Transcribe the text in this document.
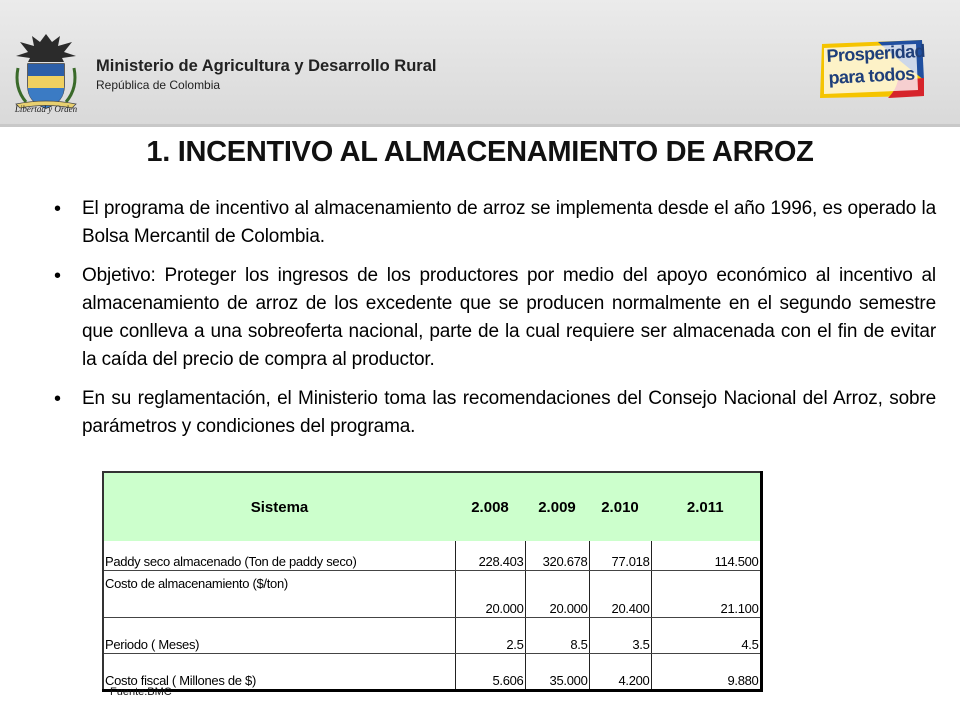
Libertad y Orden
Ministerio de Agricultura y Desarrollo Rural
República de Colombia
Prosperidad
para todos
1. INCENTIVO AL ALMACENAMIENTO DE ARROZ
• El programa de incentivo al almacenamiento de arroz se implementa desde el año 1996, es operado la Bolsa Mercantil de Colombia.
• Objetivo: Proteger los ingresos de los productores por medio del apoyo económico al incentivo al almacenamiento de arroz de los excedente que se producen normalmente en el segundo semestre que conlleva a una sobreoferta nacional, parte de la cual requiere ser almacenada con el fin de evitar la caída del precio de compra al productor.
• En su reglamentación, el Ministerio toma las recomendaciones del Consejo Nacional del Arroz, sobre parámetros y condiciones del programa.
Sistema	2.008	2.009	2.010	2.011
Paddy seco almacenado (Ton de paddy seco)	228.403	320.678	77.018	114.500
Costo de almacenamiento ($/ton)	20.000	20.000	20.400	21.100
Periodo ( Meses)	2.5	8.5	3.5	4.5
Costo fiscal ( Millones de $)	5.606	35.000	4.200	9.880
Fuente:BMC
